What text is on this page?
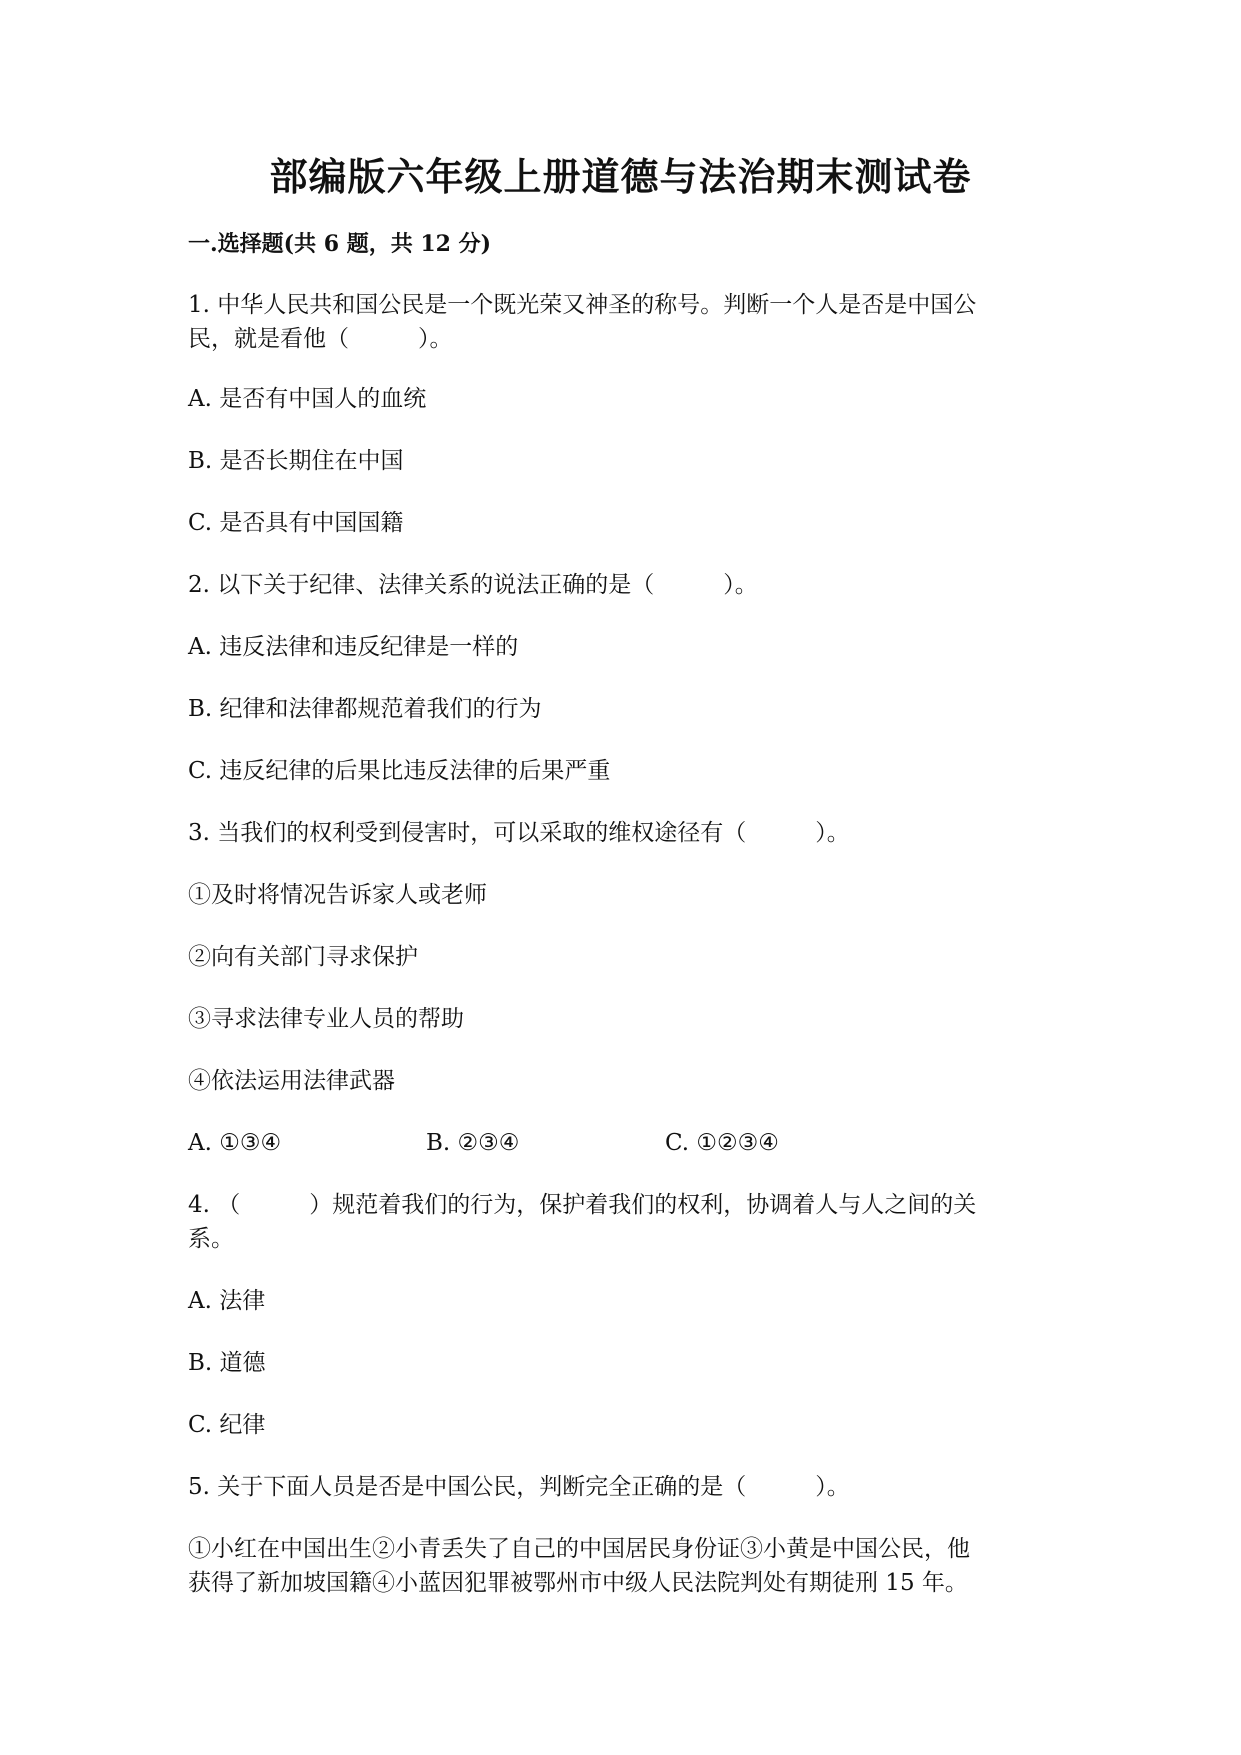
部编版六年级上册道德与法治期末测试卷
一.选择题(共 6 题，共 12 分)
1. 中华人民共和国公民是一个既光荣又神圣的称号。判断一个人是否是中国公
民，就是看他（　　　）。
A. 是否有中国人的血统
B. 是否长期住在中国
C. 是否具有中国国籍
2. 以下关于纪律、法律关系的说法正确的是（　　　）。
A. 违反法律和违反纪律是一样的
B. 纪律和法律都规范着我们的行为
C. 违反纪律的后果比违反法律的后果严重
3. 当我们的权利受到侵害时，可以采取的维权途径有（　　　）。
①及时将情况告诉家人或老师
②向有关部门寻求保护
③寻求法律专业人员的帮助
④依法运用法律武器
A. ①③④	B. ②③④	C. ①②③④
4. （　　　）规范着我们的行为，保护着我们的权利，协调着人与人之间的关
系。
A. 法律
B. 道德
C. 纪律
5. 关于下面人员是否是中国公民，判断完全正确的是（　　　）。
①小红在中国出生②小青丢失了自己的中国居民身份证③小黄是中国公民，他
获得了新加坡国籍④小蓝因犯罪被鄂州市中级人民法院判处有期徒刑 15 年。
